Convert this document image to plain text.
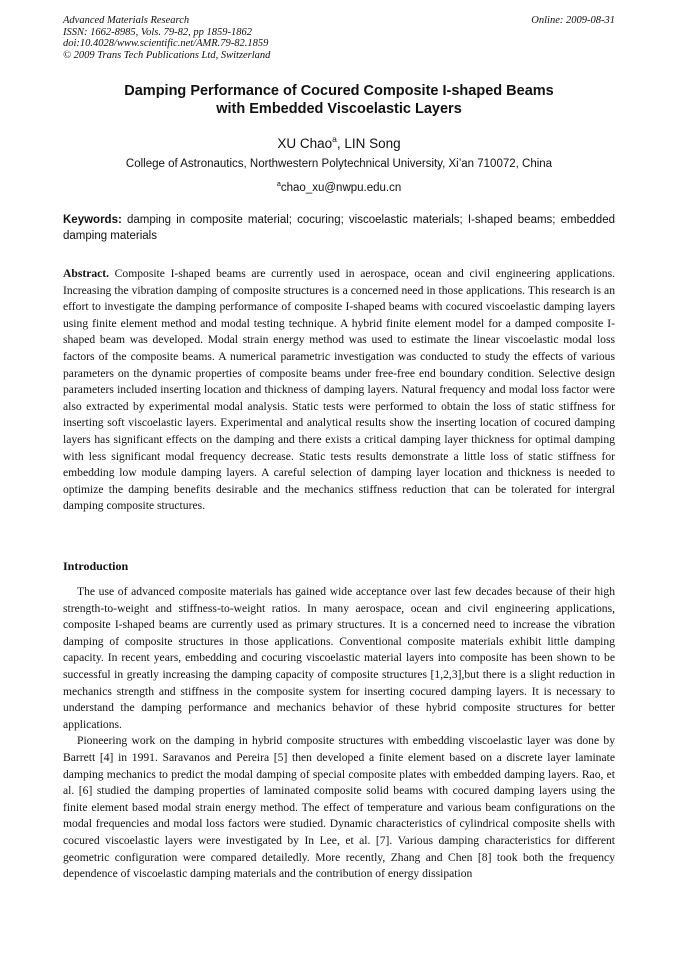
Advanced Materials Research
ISSN: 1662-8985, Vols. 79-82, pp 1859-1862
doi:10.4028/www.scientific.net/AMR.79-82.1859
© 2009 Trans Tech Publications Ltd, Switzerland
Online: 2009-08-31
Damping Performance of Cocured Composite I-shaped Beams
with Embedded Viscoelastic Layers
XU Chao$^a$, LIN Song
College of Astronautics, Northwestern Polytechnical University, Xi’an 710072, China
$^a$chao_xu@nwpu.edu.cn
Keywords: damping in composite material; cocuring; viscoelastic materials; I-shaped beams; embedded damping materials
Abstract. Composite I-shaped beams are currently used in aerospace, ocean and civil engineering applications. Increasing the vibration damping of composite structures is a concerned need in those applications. This research is an effort to investigate the damping performance of composite I-shaped beams with cocured viscoelastic damping layers using finite element method and modal testing technique. A hybrid finite element model for a damped composite I-shaped beam was developed. Modal strain energy method was used to estimate the linear viscoelastic modal loss factors of the composite beams. A numerical parametric investigation was conducted to study the effects of various parameters on the dynamic properties of composite beams under free-free end boundary condition. Selective design parameters included inserting location and thickness of damping layers. Natural frequency and modal loss factor were also extracted by experimental modal analysis. Static tests were performed to obtain the loss of static stiffness for inserting soft viscoelastic layers. Experimental and analytical results show the inserting location of cocured damping layers has significant effects on the damping and there exists a critical damping layer thickness for optimal damping with less significant modal frequency decrease. Static tests results demonstrate a little loss of static stiffness for embedding low module damping layers. A careful selection of damping layer location and thickness is needed to optimize the damping benefits desirable and the mechanics stiffness reduction that can be tolerated for intergral damping composite structures.
Introduction

The use of advanced composite materials has gained wide acceptance over last few decades because of their high strength-to-weight and stiffness-to-weight ratios. In many aerospace, ocean and civil engineering applications, composite I-shaped beams are currently used as primary structures. It is a concerned need to increase the vibration damping of composite structures in those applications. Conventional composite materials exhibit little damping capacity. In recent years, embedding and cocuring viscoelastic material layers into composite has been shown to be successful in greatly increasing the damping capacity of composite structures [1,2,3],but there is a slight reduction in mechanics strength and stiffness in the composite system for inserting cocured damping layers. It is necessary to understand the damping performance and mechanics behavior of these hybrid composite structures for better applications.

Pioneering work on the damping in hybrid composite structures with embedding viscoelastic layer was done by Barrett [4] in 1991. Saravanos and Pereira [5] then developed a finite element based on a discrete layer laminate damping mechanics to predict the modal damping of special composite plates with embedded damping layers. Rao, et al. [6] studied the damping properties of laminated composite solid beams with cocured damping layers using the finite element based modal strain energy method. The effect of temperature and various beam configurations on the modal frequencies and modal loss factors were studied. Dynamic characteristics of cylindrical composite shells with cocured viscoelastic layers were investigated by In Lee, et al. [7]. Various damping characteristics for different geometric configuration were compared detailedly. More recently, Zhang and Chen [8] took both the frequency dependence of viscoelastic damping materials and the contribution of energy dissipation
